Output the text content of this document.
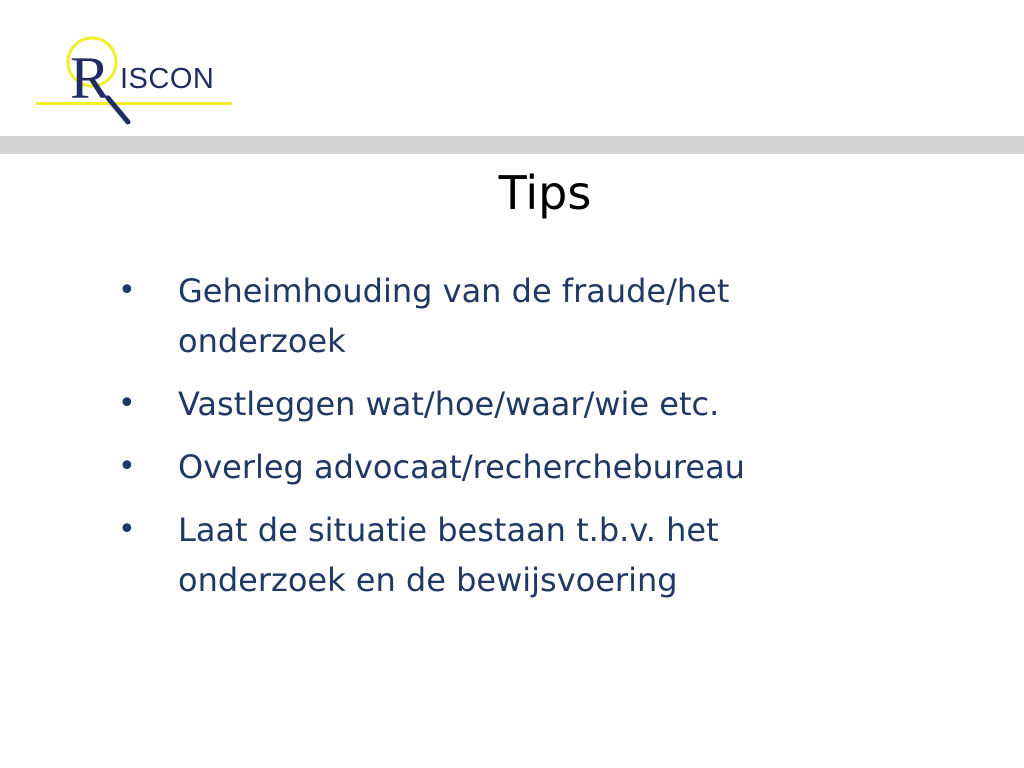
R ISCON
Tips
• Geheimhouding van de fraude/het onderzoek
• Vastleggen wat/hoe/waar/wie etc.
• Overleg advocaat/recherchebureau
• Laat de situatie bestaan t.b.v. het onderzoek en de bewijsvoering
